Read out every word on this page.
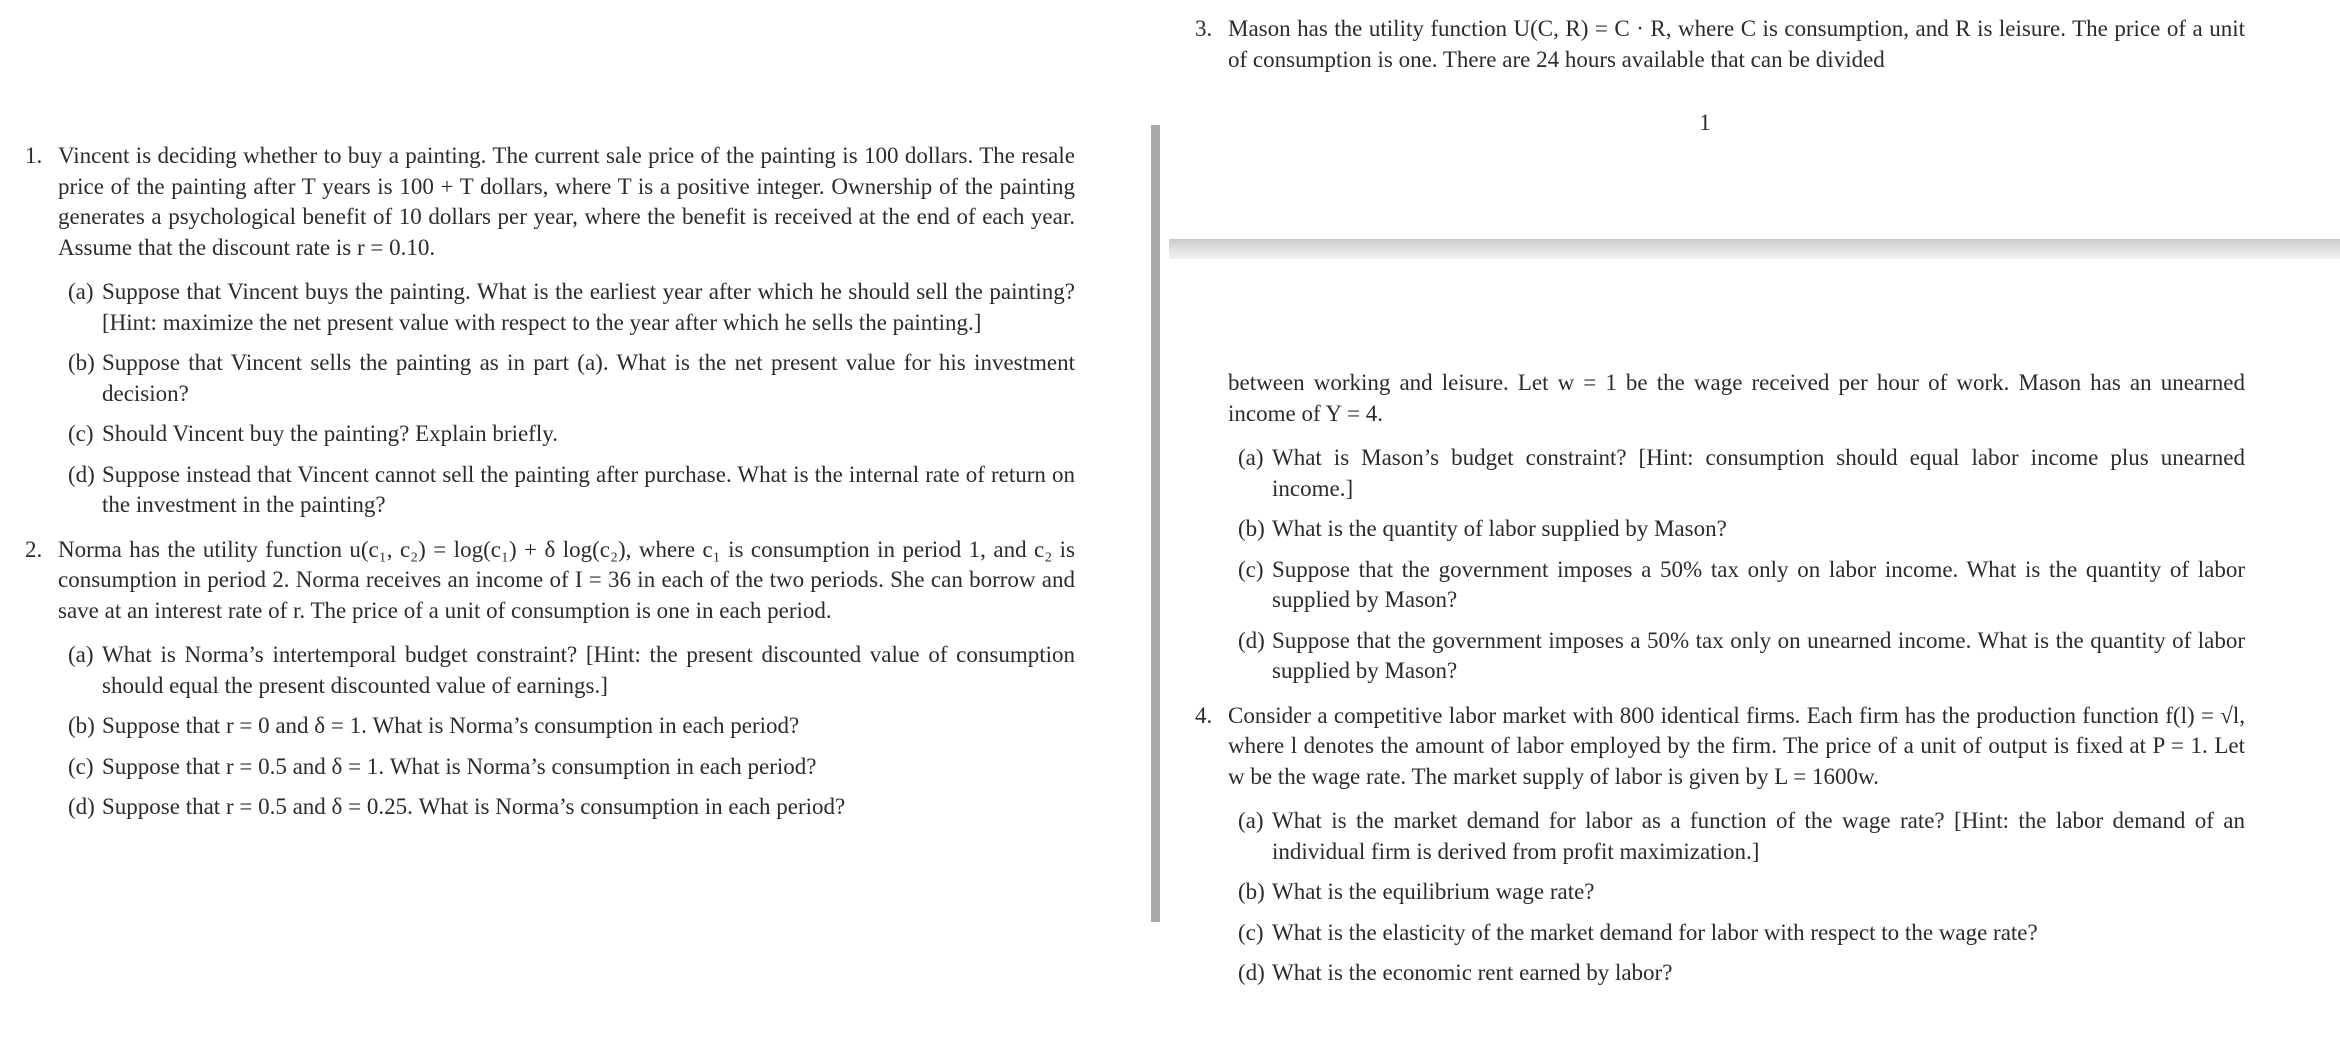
1. Vincent is deciding whether to buy a painting. The current sale price of the painting is 100 dollars. The resale price of the painting after T years is 100 + T dollars, where T is a positive integer. Ownership of the painting generates a psychological benefit of 10 dollars per year, where the benefit is received at the end of each year. Assume that the discount rate is r = 0.10.
(a) Suppose that Vincent buys the painting. What is the earliest year after which he should sell the painting? [Hint: maximize the net present value with respect to the year after which he sells the painting.]
(b) Suppose that Vincent sells the painting as in part (a). What is the net present value for his investment decision?
(c) Should Vincent buy the painting? Explain briefly.
(d) Suppose instead that Vincent cannot sell the painting after purchase. What is the internal rate of return on the investment in the painting?
2. Norma has the utility function u(c₁, c₂) = log(c₁) + δ log(c₂), where c₁ is consumption in period 1, and c₂ is consumption in period 2. Norma receives an income of I = 36 in each of the two periods. She can borrow and save at an interest rate of r. The price of a unit of consumption is one in each period.
(a) What is Norma’s intertemporal budget constraint? [Hint: the present discounted value of consumption should equal the present discounted value of earnings.]
(b) Suppose that r = 0 and δ = 1. What is Norma’s consumption in each period?
(c) Suppose that r = 0.5 and δ = 1. What is Norma’s consumption in each period?
(d) Suppose that r = 0.5 and δ = 0.25. What is Norma’s consumption in each period?
3. Mason has the utility function U(C, R) = C · R, where C is consumption, and R is leisure. The price of a unit of consumption is one. There are 24 hours available that can be divided
1
between working and leisure. Let w = 1 be the wage received per hour of work. Mason has an unearned income of Y = 4.
(a) What is Mason’s budget constraint? [Hint: consumption should equal labor income plus unearned income.]
(b) What is the quantity of labor supplied by Mason?
(c) Suppose that the government imposes a 50% tax only on labor income. What is the quantity of labor supplied by Mason?
(d) Suppose that the government imposes a 50% tax only on unearned income. What is the quantity of labor supplied by Mason?
4. Consider a competitive labor market with 800 identical firms. Each firm has the production function f(l) = √l, where l denotes the amount of labor employed by the firm. The price of a unit of output is fixed at P = 1. Let w be the wage rate. The market supply of labor is given by L = 1600w.
(a) What is the market demand for labor as a function of the wage rate? [Hint: the labor demand of an individual firm is derived from profit maximization.]
(b) What is the equilibrium wage rate?
(c) What is the elasticity of the market demand for labor with respect to the wage rate?
(d) What is the economic rent earned by labor?
